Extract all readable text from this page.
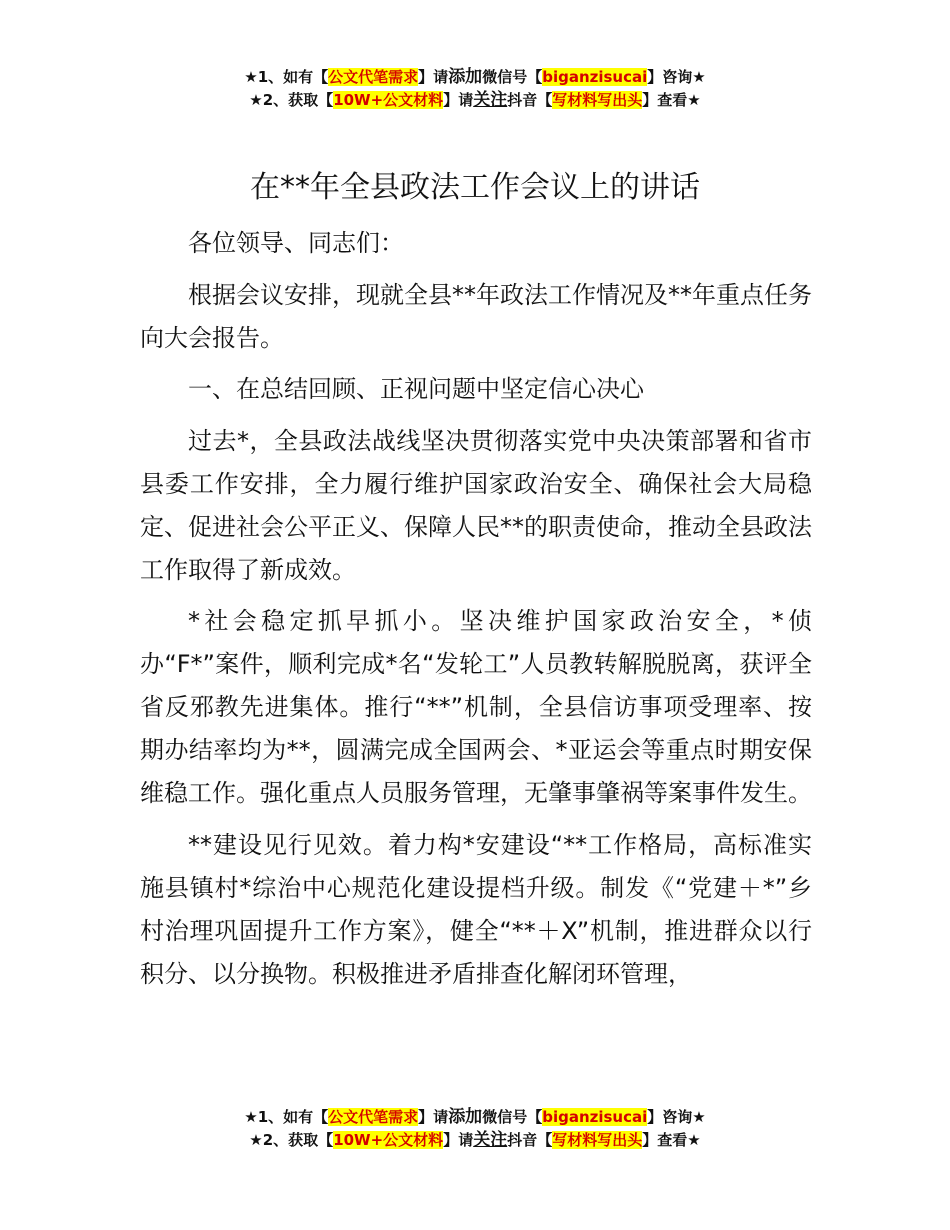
★1、如有【公文代笔需求】请添加微信号【biganzisucai】咨询★
★2、获取【10W+公文材料】请关注抖音【写材料写出头】查看★
在**年全县政法工作会议上的讲话

各位领导、同志们：

根据会议安排，现就全县**年政法工作情况及**年重点任务向大会报告。

一、在总结回顾、正视问题中坚定信心决心

过去*，全县政法战线坚决贯彻落实党中央决策部署和省市县委工作安排，全力履行维护国家政治安全、确保社会大局稳定、促进社会公平正义、保障人民**的职责使命，推动全县政法工作取得了新成效。

*社会稳定抓早抓小。坚决维护国家政治安全，*侦办“F*”案件，顺利完成*名“发轮工”人员教转解脱脱离，获评全省反邪教先进集体。推行“**”机制，全县信访事项受理率、按期办结率均为**，圆满完成全国两会、*亚运会等重点时期安保维稳工作。强化重点人员服务管理，无肇事肇祸等案事件发生。

**建设见行见效。着力构*安建设“**工作格局，高标准实施县镇村*综治中心规范化建设提档升级。制发《“党建＋*”乡村治理巩固提升工作方案》，健全“**＋X”机制，推进群众以行积分、以分换物。积极推进矛盾排查化解闭环管理，

★1、如有【公文代笔需求】请添加微信号【biganzisucai】咨询★
★2、获取【10W+公文材料】请关注抖音【写材料写出头】查看★
